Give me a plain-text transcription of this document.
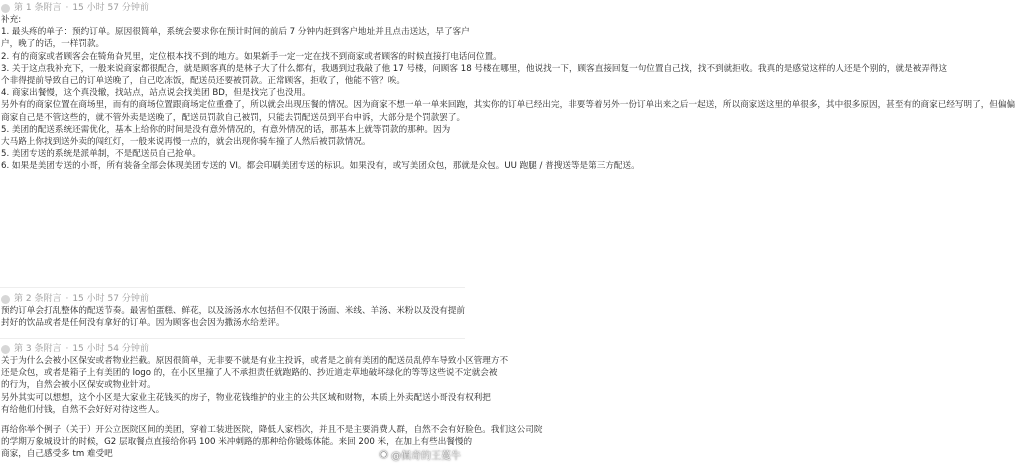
第 1 条附言 · 15 小时 57 分钟前
补充:
1. 最头疼的单子：预约订单。原因很简单，系统会要求你在预计时间的前后 7 分钟内赶到客户地址并且点击送达，早了客户
户，晚了的话，一样罚款。
2. 有的商家或者顾客会在犄角旮旯里，定位根本找不到的地方。如果新手一定一定在找不到商家或者顾客的时候直接打电话问位置。
3. 关于这点我补充下，一般来说商家都很配合，就是顾客真的是林子大了什么都有，我遇到过我敲了他 17 号楼，问顾客 18 号楼在哪里，他说找一下，顾客直接回复一句位置自己找，找不到就拒收。我真的是感觉这样的人还是个别的，就是被弄得这
个非得提前导致自己的订单送晚了，自己吃冻饭，配送员还要被罚款。正常顾客，拒收了，他能不管？唉。
4. 商家出餐慢，这个真没辙，找站点，站点说会找美团 BD，但是找完了也没用。
另外有的商家位置在商场里，而有的商场位置跟商场定位重叠了，所以就会出现压餐的情况。因为商家不想一单一单来回跑，其实你的订单已经出完，非要等着另外一份订单出来之后一起送，所以商家送这里的单很多，其中很多原因，甚至有的商家已经写明了，但偏偏
商家自己是不管这些的，就不管外卖是送晚了，配送员罚款自己被罚，只能去罚配送员到平台申诉，大部分是个罚款罢了。
5. 美团的配送系统还需优化，基本上给你的时间是没有意外情况的，有意外情况的话，那基本上就等罚款的那种。因为
大马路上你找到送外卖的闯红灯，一般来说再慢一点的，就会出现你骑车撞了人然后被罚款情况。
5. 美团专送的系统是派单制，不是配送员自己抢单。
6. 如果是美团专送的小哥，所有装备全部会体现美团专送的 VI。都会印刷美团专送的标识。如果没有，或写美团众包，那就是众包。UU 跑腿 / 普搜送等是第三方配送。
第 2 条附言 · 15 小时 57 分钟前
预约订单会打乱整体的配送节奏。最害怕蛋糕、鲜花，以及汤汤水水包括但不仅限于汤面、米线、羊汤、米粉以及没有提前
封好的饮品或者是任何没有拿好的订单。因为顾客也会因为撒汤水给差评。
第 3 条附言 · 15 小时 54 分钟前
关于为什么会被小区保安或者物业拦截。原因很简单，无非要不就是有业主投诉，或者是之前有美团的配送员乱停车导致小区管理方不
还是众包，或者是箱子上有美团的 logo 的，在小区里撞了人不承担责任就跑路的、抄近道走草地破坏绿化的等等这些说不定就会被
的行为，自然会被小区保安或物业针对。
另外其实可以想想，这个小区是大家业主花钱买的房子，物业花钱维护的业主的公共区域和财物，本质上外卖配送小哥没有权利把
有给他们付钱，自然不会好好对待这些人。
再给你举个例子（关于）开公立医院区间的美团，穿着工装进医院，降低人家档次，并且不是主要消费人群，自然不会有好脸色。我们这公司院
的学期万象城设计的时候，G2 层取餐点直接给你码 100 米冲刺路的那种给你锻炼体能。来回 200 米，在加上有些出餐慢的
商家，自己感受多 tm 难受吧	◉ @佩奇的王蔓牛
